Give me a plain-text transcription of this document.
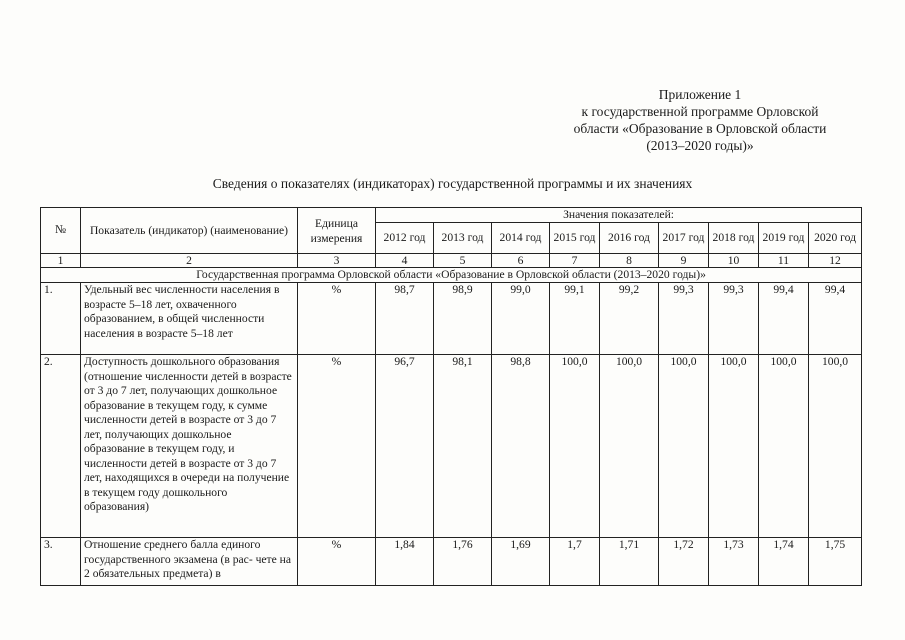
Приложение 1
к государственной программе Орловской
области «Образование в Орловской области
(2013–2020 годы)»
Сведения о показателях (индикаторах) государственной программы и их значениях
№	Показатель (индикатор) (наименование)	Единица измерения	Значения показателей:								
			2012 год	2013 год	2014 год	2015 год	2016 год	2017 год	2018 год	2019 год	2020 год
1	2	3	4	5	6	7	8	9	10	11	12
Государственная программа Орловской области «Образование в Орловской области (2013–2020 годы)»											
1.	Удельный вес численности населения в возрасте 5–18 лет, охваченного образованием, в общей численности населения в возрасте 5–18 лет	%	98,7	98,9	99,0	99,1	99,2	99,3	99,3	99,4	99,4
2.	Доступность дошкольного образования (отношение численности детей в возрасте от 3 до 7 лет, получающих дошкольное образование в текущем году, к сумме численности детей в возрасте от 3 до 7 лет, получающих дошкольное образование в текущем году, и численности детей в возрасте от 3 до 7 лет, находящихся в очереди на получение в текущем году дошкольного образования)	%	96,7	98,1	98,8	100,0	100,0	100,0	100,0	100,0	100,0
3.	Отношение среднего балла единого государственного экзамена (в рас- чете на 2 обязательных предмета) в	%	1,84	1,76	1,69	1,7	1,71	1,72	1,73	1,74	1,75
